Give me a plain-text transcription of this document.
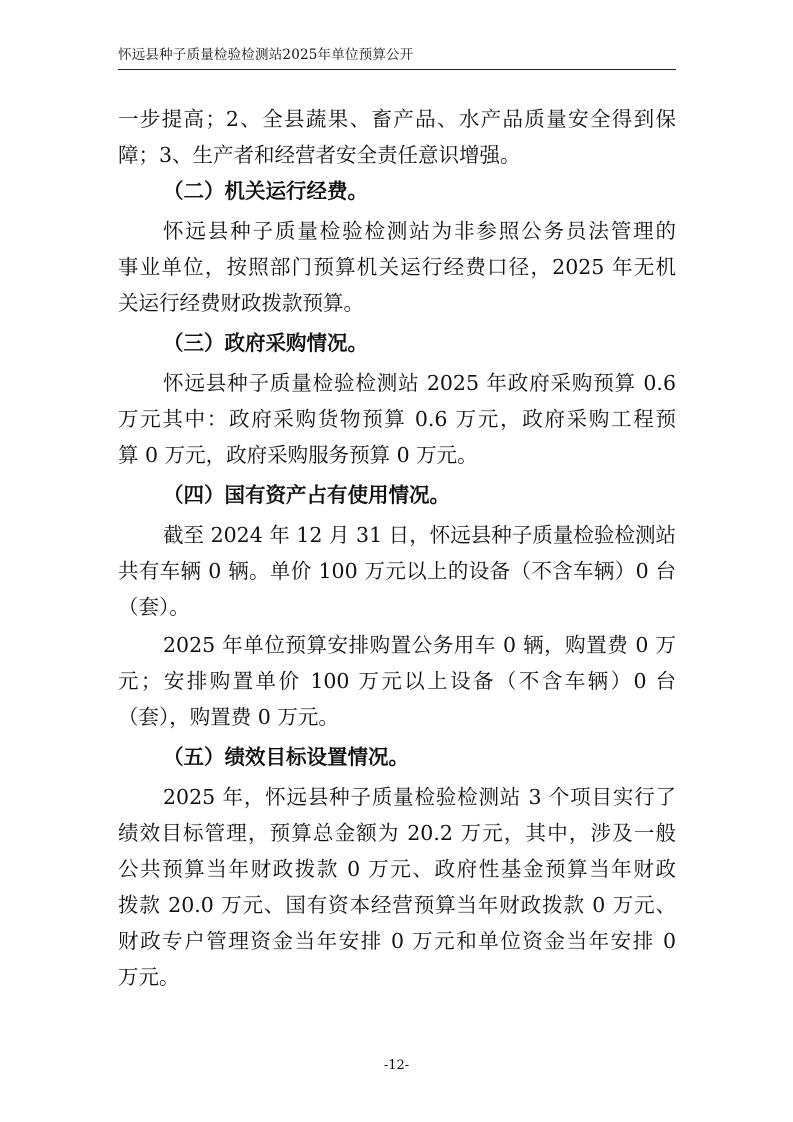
怀远县种子质量检验检测站2025年单位预算公开
一步提高；2、全县蔬果、畜产品、水产品质量安全得到保
障；3、生产者和经营者安全责任意识增强。
（二）机关运行经费。
怀远县种子质量检验检测站为非参照公务员法管理的
事业单位，按照部门预算机关运行经费口径，2025 年无机
关运行经费财政拨款预算。
（三）政府采购情况。
怀远县种子质量检验检测站 2025 年政府采购预算 0.6
万元其中：政府采购货物预算 0.6 万元，政府采购工程预
算 0 万元，政府采购服务预算 0 万元。
（四）国有资产占有使用情况。
截至 2024 年 12 月 31 日，怀远县种子质量检验检测站
共有车辆 0 辆。单价 100 万元以上的设备（不含车辆）0 台
（套）。
2025 年单位预算安排购置公务用车 0 辆，购置费 0 万
元；安排购置单价 100 万元以上设备（不含车辆）0 台
（套），购置费 0 万元。
（五）绩效目标设置情况。
2025 年，怀远县种子质量检验检测站 3 个项目实行了
绩效目标管理，预算总金额为 20.2 万元，其中，涉及一般
公共预算当年财政拨款 0 万元、政府性基金预算当年财政
拨款 20.0 万元、国有资本经营预算当年财政拨款 0 万元、
财政专户管理资金当年安排 0 万元和单位资金当年安排 0
万元。
-12-
